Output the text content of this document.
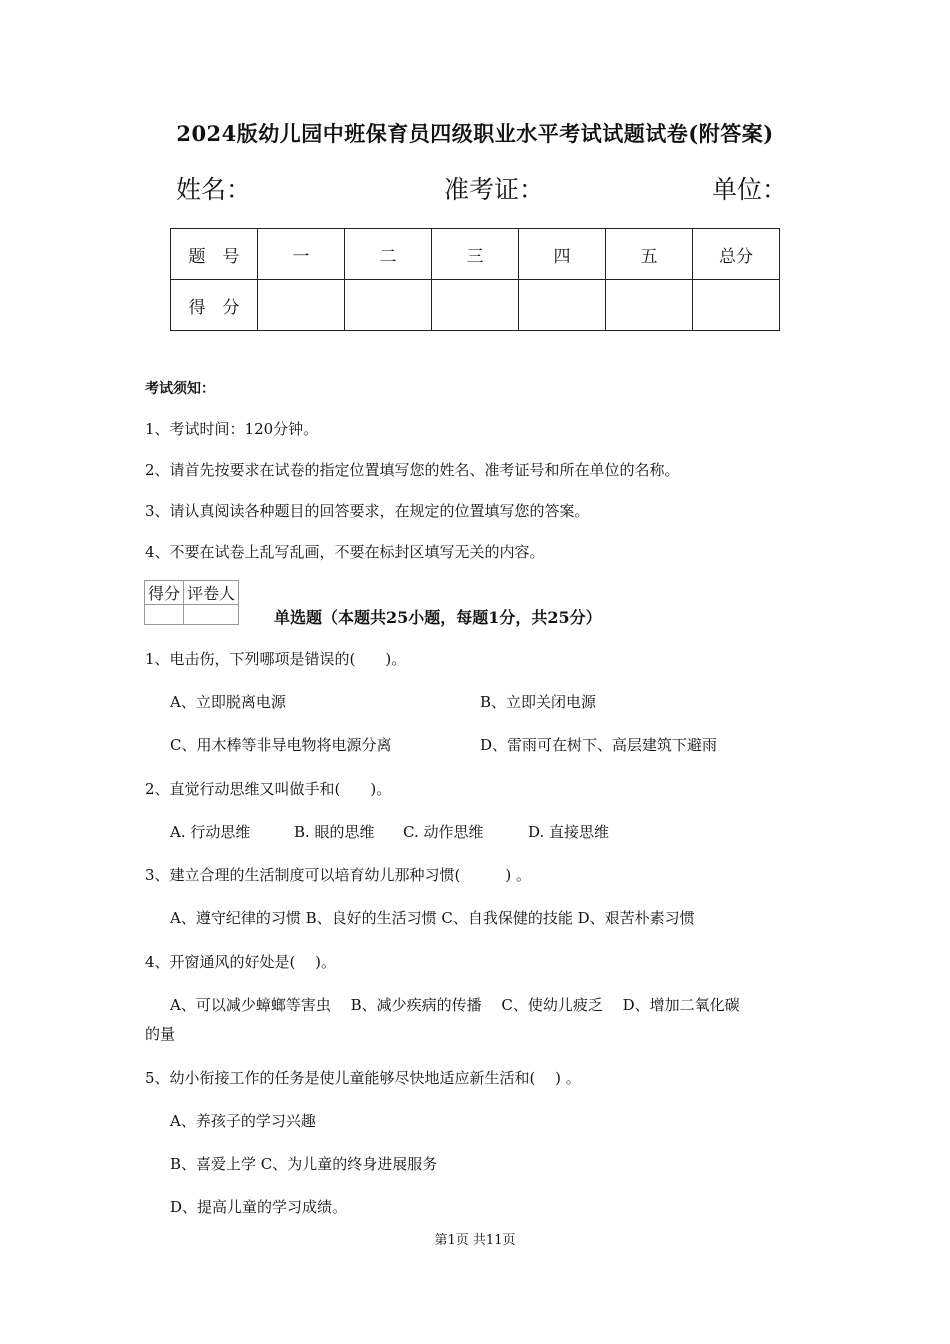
2024版幼儿园中班保育员四级职业水平考试试题试卷(附答案)
姓名：	准考证：	单位：
题　号	一	二	三	四	五	总分
得　分						
考试须知：
1、考试时间：120分钟。
2、请首先按要求在试卷的指定位置填写您的姓名、准考证号和所在单位的名称。
3、请认真阅读各种题目的回答要求，在规定的位置填写您的答案。
4、不要在试卷上乱写乱画，不要在标封区填写无关的内容。
得分	评卷人

单选题（本题共25小题，每题1分，共25分）
1、电击伤，下列哪项是错误的(　　)。
A、立即脱离电源	B、立即关闭电源
C、用木棒等非导电物将电源分离	D、雷雨可在树下、高层建筑下避雨
2、直觉行动思维又叫做手和(　　)。
A. 行动思维	B. 眼的思维 C. 动作思维	D. 直接思维
3、建立合理的生活制度可以培育幼儿那种习惯(　　　) 。
A、遵守纪律的习惯 B、良好的生活习惯 C、自我保健的技能 D、艰苦朴素习惯
4、开窗通风的好处是(　 )。
A、可以减少蟑螂等害虫　 B、减少疾病的传播　 C、使幼儿疲乏　 D、增加二氧化碳
的量
5、幼小衔接工作的任务是使儿童能够尽快地适应新生活和(　 ) 。
A、养孩子的学习兴趣
B、喜爱上学 C、为儿童的终身进展服务
D、提高儿童的学习成绩。
第1页 共11页
